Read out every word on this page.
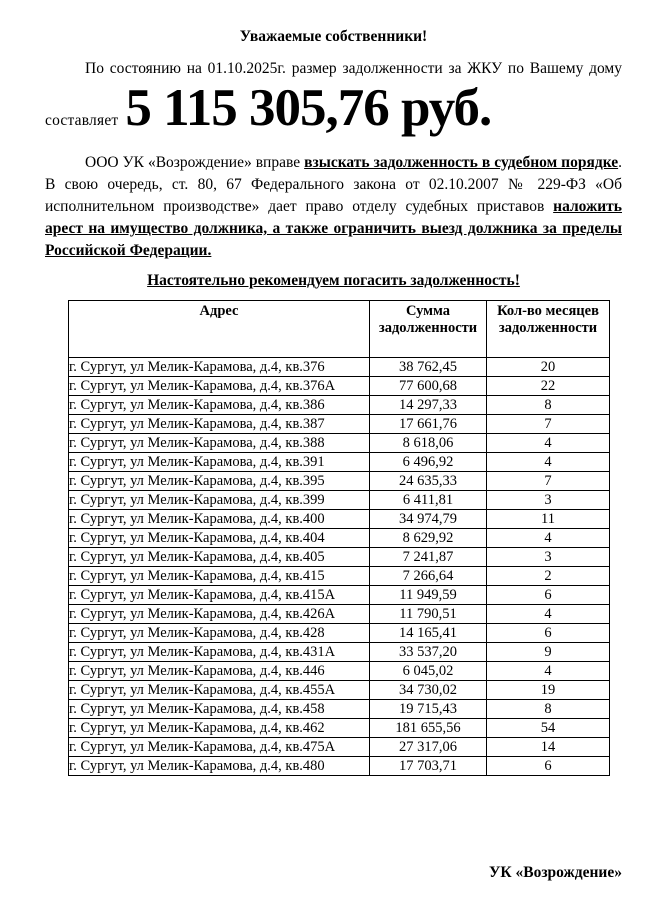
Уважаемые собственники!

По состоянию на 01.10.2025г. размер задолженности за ЖКУ по Вашему дому

составляет 5 115 305,76 руб.

ООО УК «Возрождение» вправе взыскать задолженность в судебном порядке. В свою очередь, ст. 80, 67 Федерального закона от 02.10.2007 № 229-ФЗ «Об исполнительном производстве» дает право отделу судебных приставов наложить арест на имущество должника, а также ограничить выезд должника за пределы Российской Федерации.

Настоятельно рекомендуем погасить задолженность!

Адрес	Сумма задолженности	Кол-во месяцев задолженности
г. Сургут, ул Мелик-Карамова, д.4, кв.376	38 762,45	20
г. Сургут, ул Мелик-Карамова, д.4, кв.376А	77 600,68	22
г. Сургут, ул Мелик-Карамова, д.4, кв.386	14 297,33	8
г. Сургут, ул Мелик-Карамова, д.4, кв.387	17 661,76	7
г. Сургут, ул Мелик-Карамова, д.4, кв.388	8 618,06	4
г. Сургут, ул Мелик-Карамова, д.4, кв.391	6 496,92	4
г. Сургут, ул Мелик-Карамова, д.4, кв.395	24 635,33	7
г. Сургут, ул Мелик-Карамова, д.4, кв.399	6 411,81	3
г. Сургут, ул Мелик-Карамова, д.4, кв.400	34 974,79	11
г. Сургут, ул Мелик-Карамова, д.4, кв.404	8 629,92	4
г. Сургут, ул Мелик-Карамова, д.4, кв.405	7 241,87	3
г. Сургут, ул Мелик-Карамова, д.4, кв.415	7 266,64	2
г. Сургут, ул Мелик-Карамова, д.4, кв.415А	11 949,59	6
г. Сургут, ул Мелик-Карамова, д.4, кв.426А	11 790,51	4
г. Сургут, ул Мелик-Карамова, д.4, кв.428	14 165,41	6
г. Сургут, ул Мелик-Карамова, д.4, кв.431А	33 537,20	9
г. Сургут, ул Мелик-Карамова, д.4, кв.446	6 045,02	4
г. Сургут, ул Мелик-Карамова, д.4, кв.455А	34 730,02	19
г. Сургут, ул Мелик-Карамова, д.4, кв.458	19 715,43	8
г. Сургут, ул Мелик-Карамова, д.4, кв.462	181 655,56	54
г. Сургут, ул Мелик-Карамова, д.4, кв.475А	27 317,06	14
г. Сургут, ул Мелик-Карамова, д.4, кв.480	17 703,71	6

УК «Возрождение»
